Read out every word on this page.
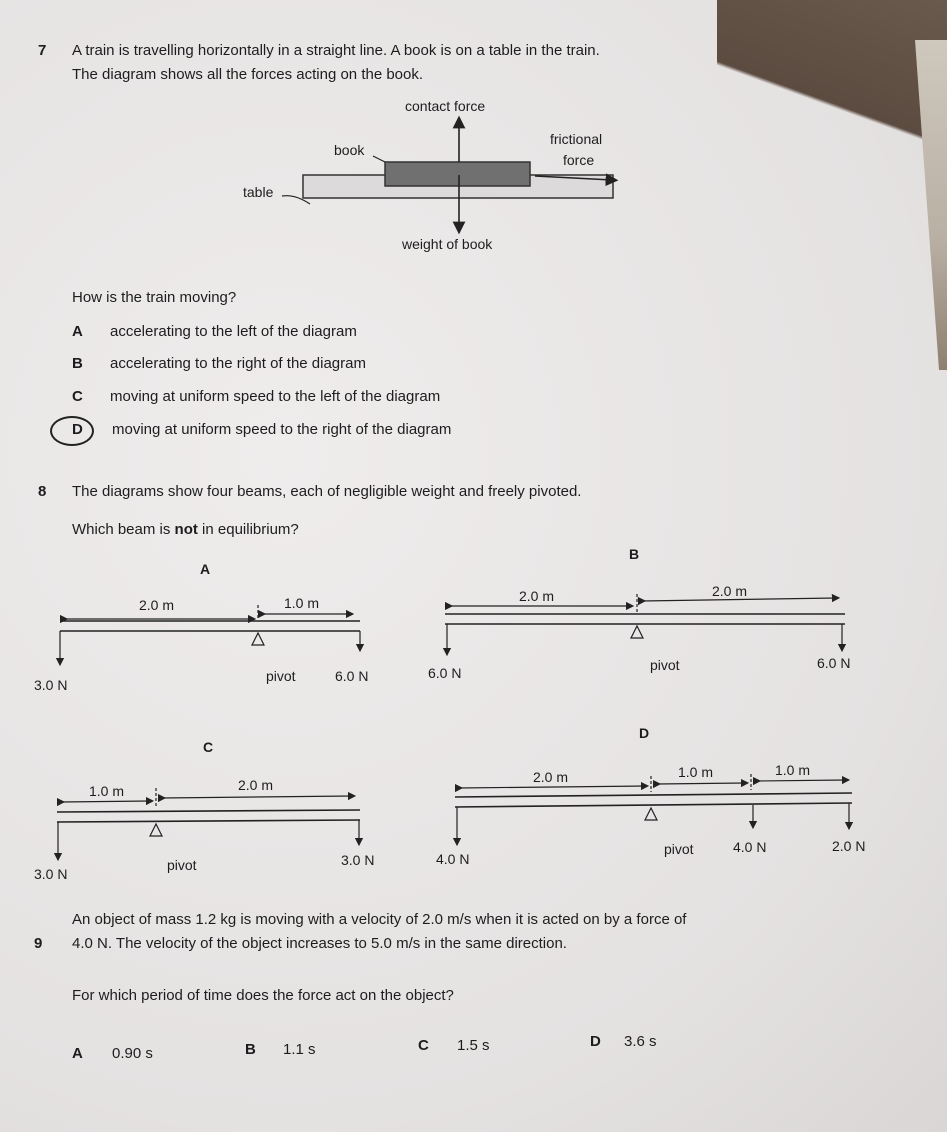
7 A train is travelling horizontally in a straight line. A book is on a table in the train.
The diagram shows all the forces acting on the book.
contact force
book
frictional
force
table
weight of book
How is the train moving?
A accelerating to the left of the diagram
B accelerating to the right of the diagram
C moving at uniform speed to the left of the diagram
D moving at uniform speed to the right of the diagram
8 The diagrams show four beams, each of negligible weight and freely pivoted.
Which beam is not in equilibrium?
A
2.0 m	1.0 m
3.0 N
pivot	6.0 N
B
2.0 m	2.0 m
6.0 N	pivot	6.0 N
C
1.0 m	2.0 m
3.0 N
pivot	3.0 N
D
2.0 m	1.0 m	1.0 m
4.0 N
pivot	4.0 N	2.0 N
9
An object of mass 1.2 kg is moving with a velocity of 2.0 m/s when it is acted on by a force of
4.0 N. The velocity of the object increases to 5.0 m/s in the same direction.
For which period of time does the force act on the object?
A 0.90 s	B 1.1 s	C 1.5 s	D 3.6 s
